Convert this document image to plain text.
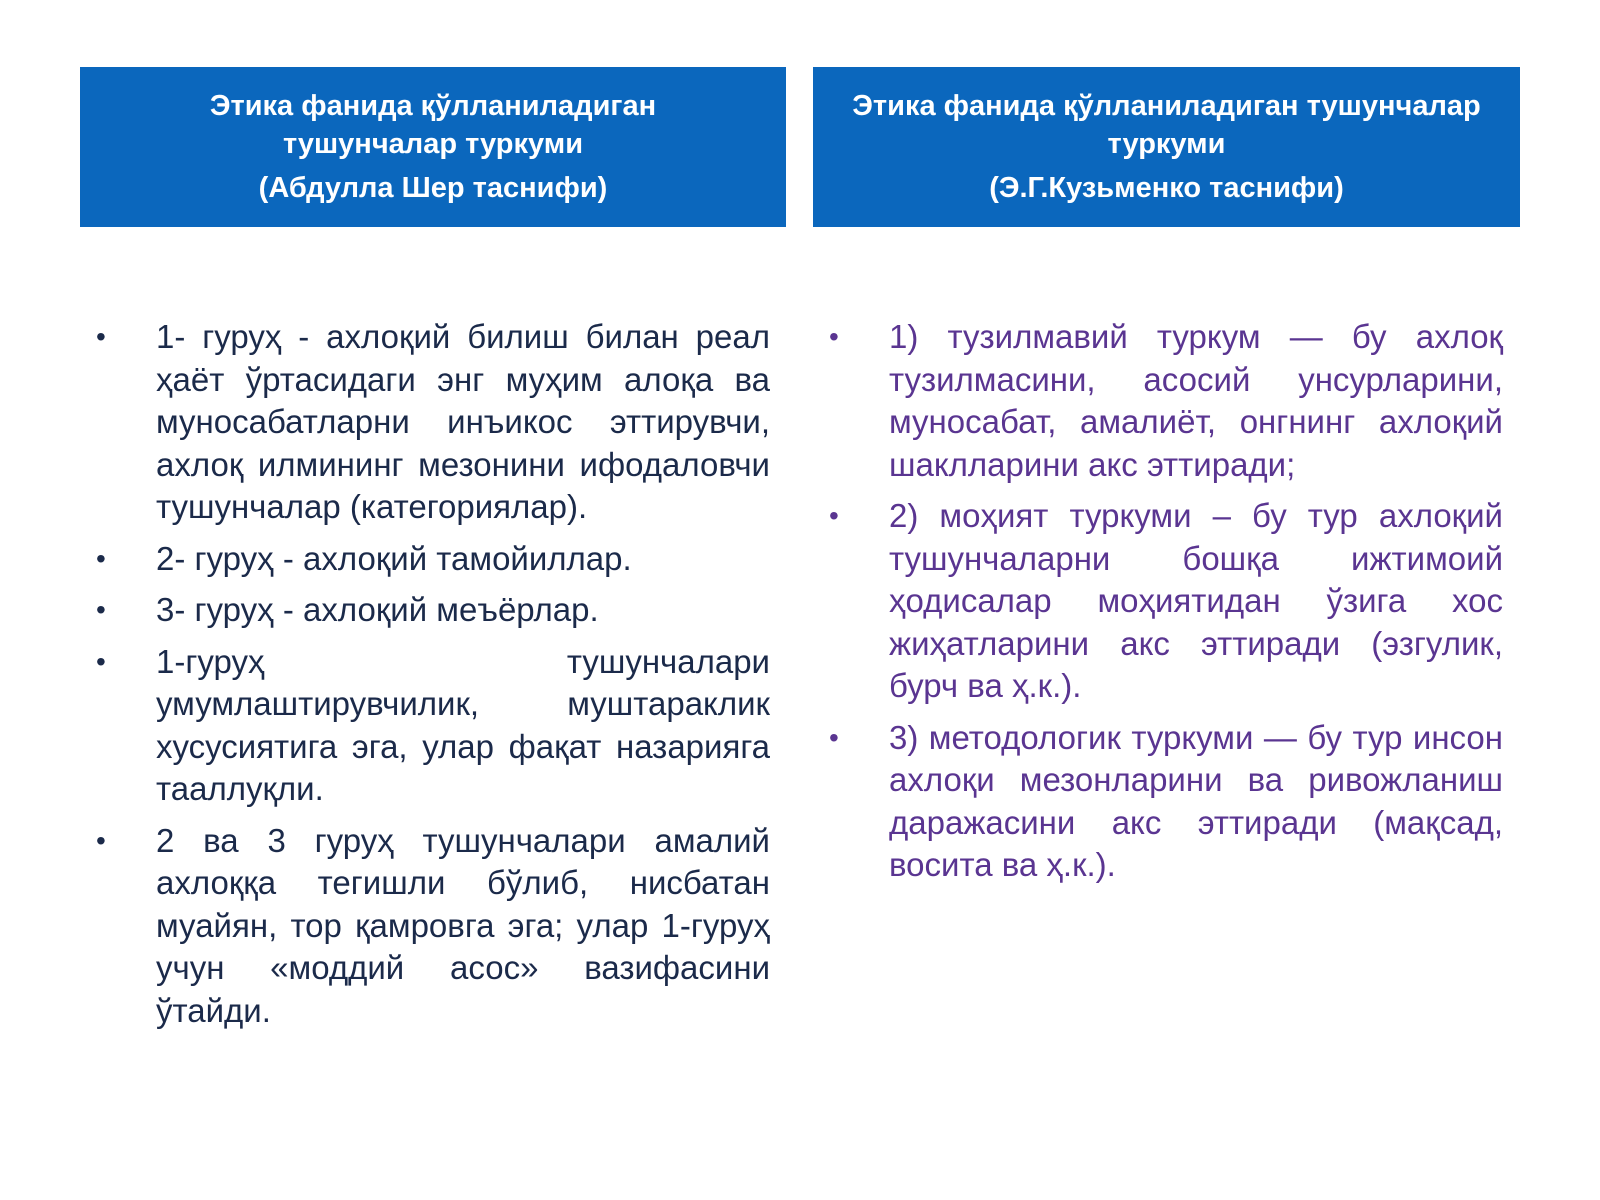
Этика фанида қўлланиладиган
тушунчалар туркуми
(Абдулла Шер таснифи)
Этика фанида қўлланиладиган тушунчалар
туркуми
(Э.Г.Кузьменко таснифи)
•	1- гуруҳ - ахлоқий билиш билан реал ҳаёт ўртасидаги энг муҳим алоқа ва муносабатларни инъикос эттирувчи, ахлоқ илмининг мезонини ифодаловчи тушунчалар (категориялар).
•	2- гуруҳ - ахлоқий тамойиллар.
•	3- гуруҳ - ахлоқий меъёрлар.
•	1-гуруҳ тушунчалари умумлаштирувчилик, муштараклик хусусиятига эга, улар фақат назарияга тааллуқли.
•	2 ва 3 гуруҳ тушунчалари амалий ахлоққа тегишли бўлиб, нисбатан муайян, тор қамровга эга; улар 1-гуруҳ учун «моддий асос» вазифасини ўтайди.
•	1) тузилмавий туркум — бу ахлоқ тузилмасини, асосий унсурларини, муносабат, амалиёт, онгнинг ахлоқий шаклларини акс эттиради;
•	2) моҳият туркуми – бу тур ахлоқий тушунчаларни бошқа ижтимоий ҳодисалар моҳиятидан ўзига хос жиҳатларини акс эттиради (эзгулик, бурч ва ҳ.к.).
•	3) методологик туркуми — бу тур инсон ахлоқи мезонларини ва ривожланиш даражасини акс эттиради (мақсад, восита ва ҳ.к.).
